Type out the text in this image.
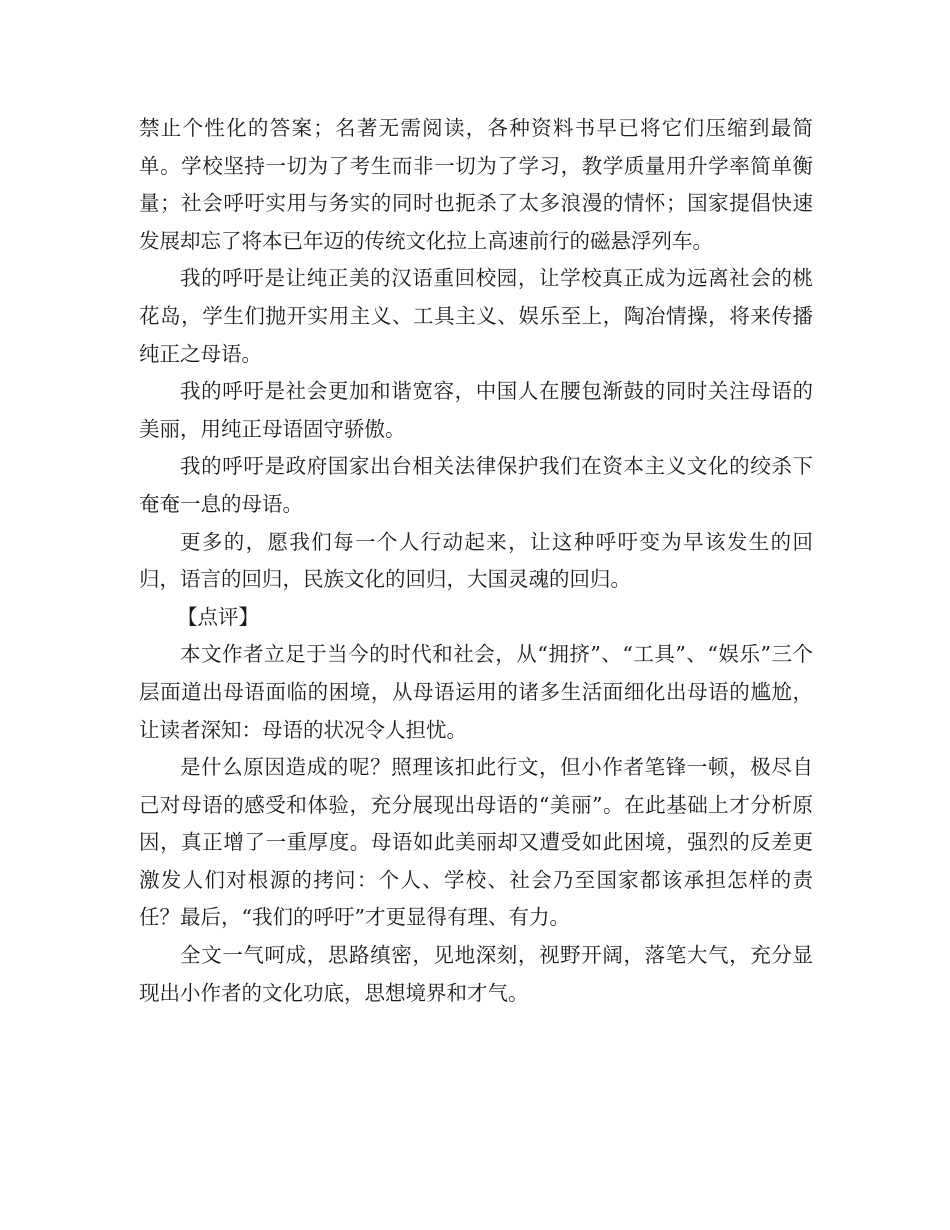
禁止个性化的答案；名著无需阅读，各种资料书早已将它们压缩到最简单。学校坚持一切为了考生而非一切为了学习，教学质量用升学率简单衡量；社会呼吁实用与务实的同时也扼杀了太多浪漫的情怀；国家提倡快速发展却忘了将本已年迈的传统文化拉上高速前行的磁悬浮列车。

我的呼吁是让纯正美的汉语重回校园，让学校真正成为远离社会的桃花岛，学生们抛开实用主义、工具主义、娱乐至上，陶冶情操，将来传播纯正之母语。

我的呼吁是社会更加和谐宽容，中国人在腰包渐鼓的同时关注母语的美丽，用纯正母语固守骄傲。

我的呼吁是政府国家出台相关法律保护我们在资本主义文化的绞杀下奄奄一息的母语。

更多的，愿我们每一个人行动起来，让这种呼吁变为早该发生的回归，语言的回归，民族文化的回归，大国灵魂的回归。

【点评】

本文作者立足于当今的时代和社会，从“拥挤”、“工具”、“娱乐”三个层面道出母语面临的困境，从母语运用的诸多生活面细化出母语的尴尬，让读者深知：母语的状况令人担忧。

是什么原因造成的呢？照理该扣此行文，但小作者笔锋一顿，极尽自己对母语的感受和体验，充分展现出母语的“美丽”。在此基础上才分析原因，真正增了一重厚度。母语如此美丽却又遭受如此困境，强烈的反差更激发人们对根源的拷问：个人、学校、社会乃至国家都该承担怎样的责任？最后，“我们的呼吁”才更显得有理、有力。

全文一气呵成，思路缜密，见地深刻，视野开阔，落笔大气，充分显现出小作者的文化功底，思想境界和才气。
